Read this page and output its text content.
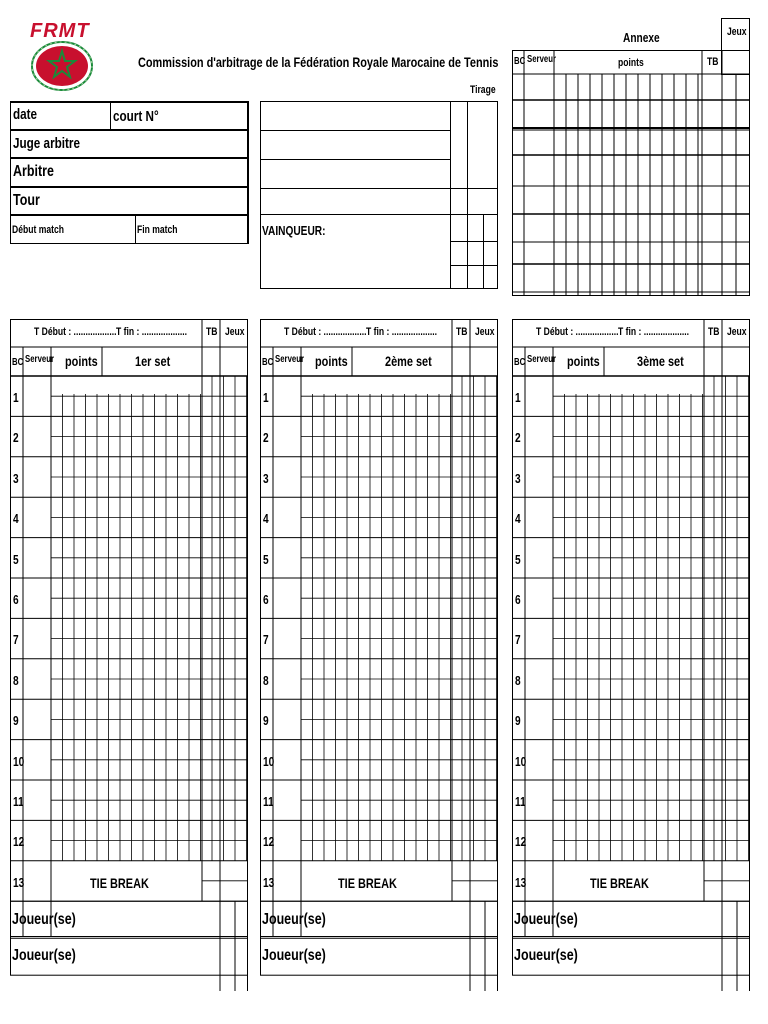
FRMT
Commission d'arbitrage de la Fédération Royale Marocaine de Tennis
Tirage
date	court N°
Juge arbitre
Arbitre
Tour
Début match	Fin match	VAINQUEUR:
Annexe	Jeux
BC Serveur	points	TB
T Début : .................. T fin : ................... TB Jeux
BC Serveur points	1er set
1
2
3
4
5
6
7
8
9
10
11
12
13	TIE BREAK
Joueur(se)
Joueur(se)
T Début : .................. T fin : ................... TB Jeux
BC Serveur points	2ème set
1
2
3
4
5
6
7
8
9
10
11
12
13	TIE BREAK
Joueur(se)
Joueur(se)
T Début : .................. T fin : ................... TB Jeux
BC Serveur points	3ème set
1
2
3
4
5
6
7
8
9
10
11
12
13	TIE BREAK
Joueur(se)
Joueur(se)
